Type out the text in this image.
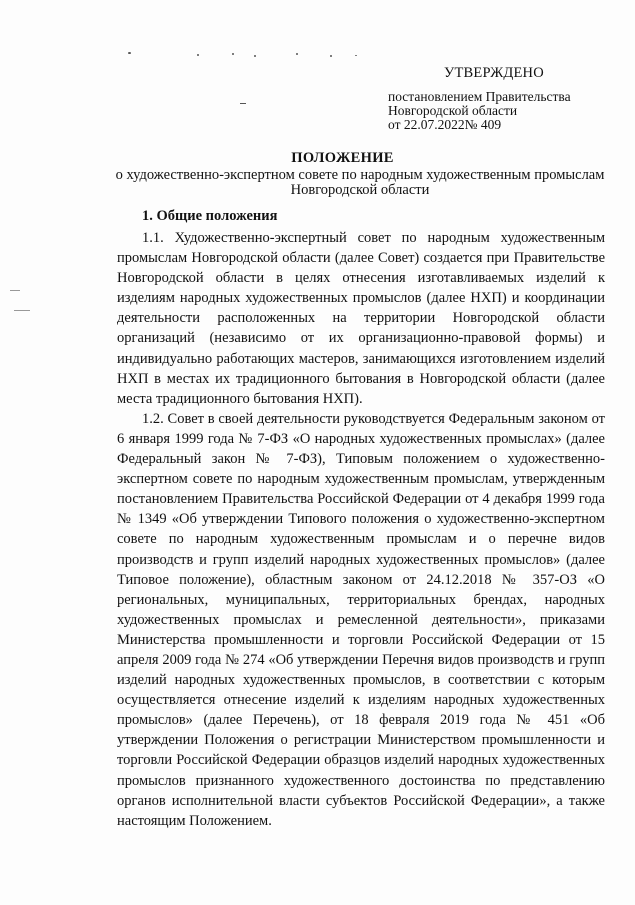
УТВЕРЖДЕНО
постановлением Правительства
Новгородской области
от 22.07.2022№ 409
ПОЛОЖЕНИЕ
о художественно-экспертном совете по народным художественным промыслам Новгородской области
1. Общие положения

1.1. Художественно-экспертный совет по народным художественным промыслам Новгородской области (далее Совет) создается при Правительстве Новгородской области в целях отнесения изготавливаемых изделий к изделиям народных художественных промыслов (далее НХП) и координации деятельности расположенных на территории Новгородской области организаций (независимо от их организационно-правовой формы) и индивидуально работающих мастеров, занимающихся изготовлением изделий НХП в местах их традиционного бытования в Новгородской области (далее места традиционного бытования НХП).

1.2. Совет в своей деятельности руководствуется Федеральным законом от 6 января 1999 года № 7-ФЗ «О народных художественных промыслах» (далее Федеральный закон № 7-ФЗ), Типовым положением о художественно-экспертном совете по народным художественным промыслам, утвержденным постановлением Правительства Российской Федерации от 4 декабря 1999 года № 1349 «Об утверждении Типового положения о художественно-экспертном совете по народным художественным промыслам и о перечне видов производств и групп изделий народных художественных промыслов» (далее Типовое положение), областным законом от 24.12.2018 № 357-ОЗ «О региональных, муниципальных, территориальных брендах, народных художественных промыслах и ремесленной деятельности», приказами Министерства промышленности и торговли Российской Федерации от 15 апреля 2009 года № 274 «Об утверждении Перечня видов производств и групп изделий народных художественных промыслов, в соответствии с которым осуществляется отнесение изделий к изделиям народных художественных промыслов» (далее Перечень), от 18 февраля 2019 года № 451 «Об утверждении Положения о регистрации Министерством промышленности и торговли Российской Федерации образцов изделий народных художественных промыслов признанного художественного достоинства по представлению органов исполнительной власти субъектов Российской Федерации», а также настоящим Положением.
